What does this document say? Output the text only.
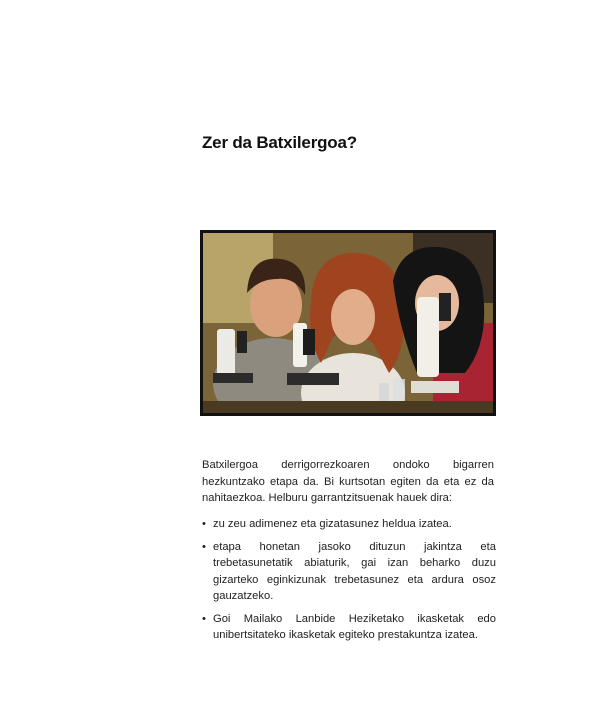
Zer da Batxilergoa?

Batxilergoa derrigorrezkoaren ondoko bigarren hezkuntzako etapa da. Bi kurtsotan egiten da eta ez da nahitaezkoa. Helburu garrantzitsuenak hauek dira:

• zu zeu adimenez eta gizatasunez heldua izatea.
• etapa honetan jasoko dituzun jakintza eta trebetasunetatik abiaturik, gai izan beharko duzu gizarteko eginkizunak trebetasunez eta ardura osoz gauzatzeko.
• Goi Mailako Lanbide Heziketako ikasketak edo unibertsitateko ikasketak egiteko prestakuntza izatea.
